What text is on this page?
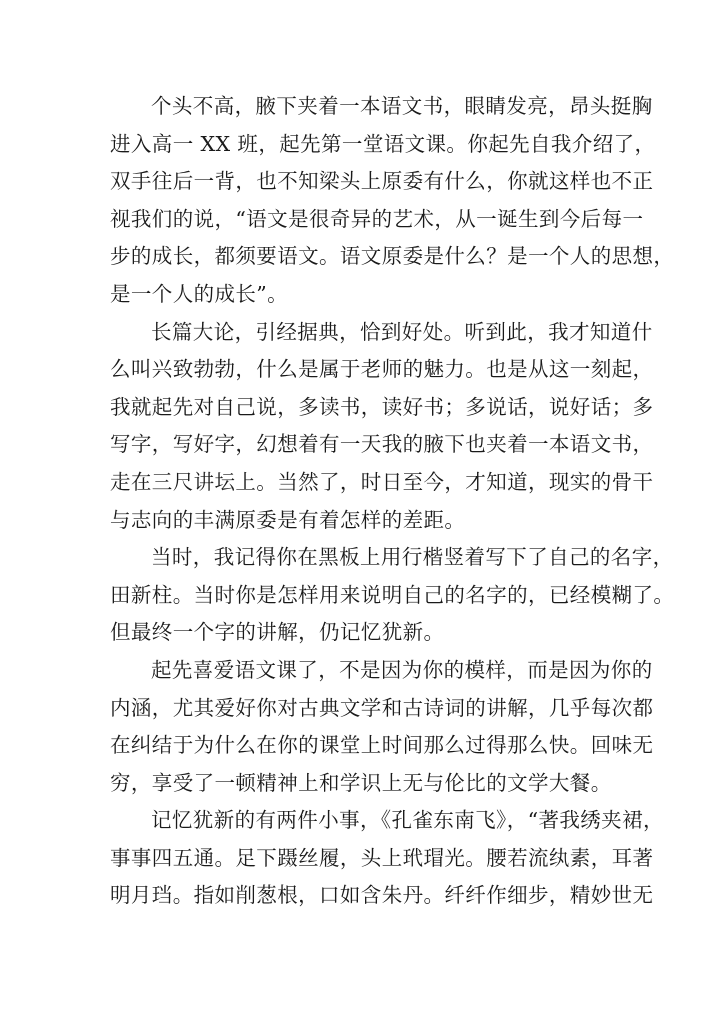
个头不高，腋下夹着一本语文书，眼睛发亮，昂头挺胸
进入高一 XX 班，起先第一堂语文课。你起先自我介绍了，
双手往后一背，也不知梁头上原委有什么，你就这样也不正
视我们的说，“语文是很奇异的艺术，从一诞生到今后每一
步的成长，都须要语文。语文原委是什么？是一个人的思想，
是一个人的成长”。
长篇大论，引经据典，恰到好处。听到此，我才知道什
么叫兴致勃勃，什么是属于老师的魅力。也是从这一刻起，
我就起先对自己说，多读书，读好书；多说话，说好话；多
写字，写好字，幻想着有一天我的腋下也夹着一本语文书，
走在三尺讲坛上。当然了，时日至今，才知道，现实的骨干
与志向的丰满原委是有着怎样的差距。
当时，我记得你在黑板上用行楷竖着写下了自己的名字，
田新柱。当时你是怎样用来说明自己的名字的，已经模糊了。
但最终一个字的讲解，仍记忆犹新。
起先喜爱语文课了，不是因为你的模样，而是因为你的
内涵，尤其爱好你对古典文学和古诗词的讲解，几乎每次都
在纠结于为什么在你的课堂上时间那么过得那么快。回味无
穷，享受了一顿精神上和学识上无与伦比的文学大餐。
记忆犹新的有两件小事，《孔雀东南飞》，“著我绣夹裙，
事事四五通。足下蹑丝履，头上玳瑁光。腰若流纨素，耳著
明月珰。指如削葱根，口如含朱丹。纤纤作细步，精妙世无
